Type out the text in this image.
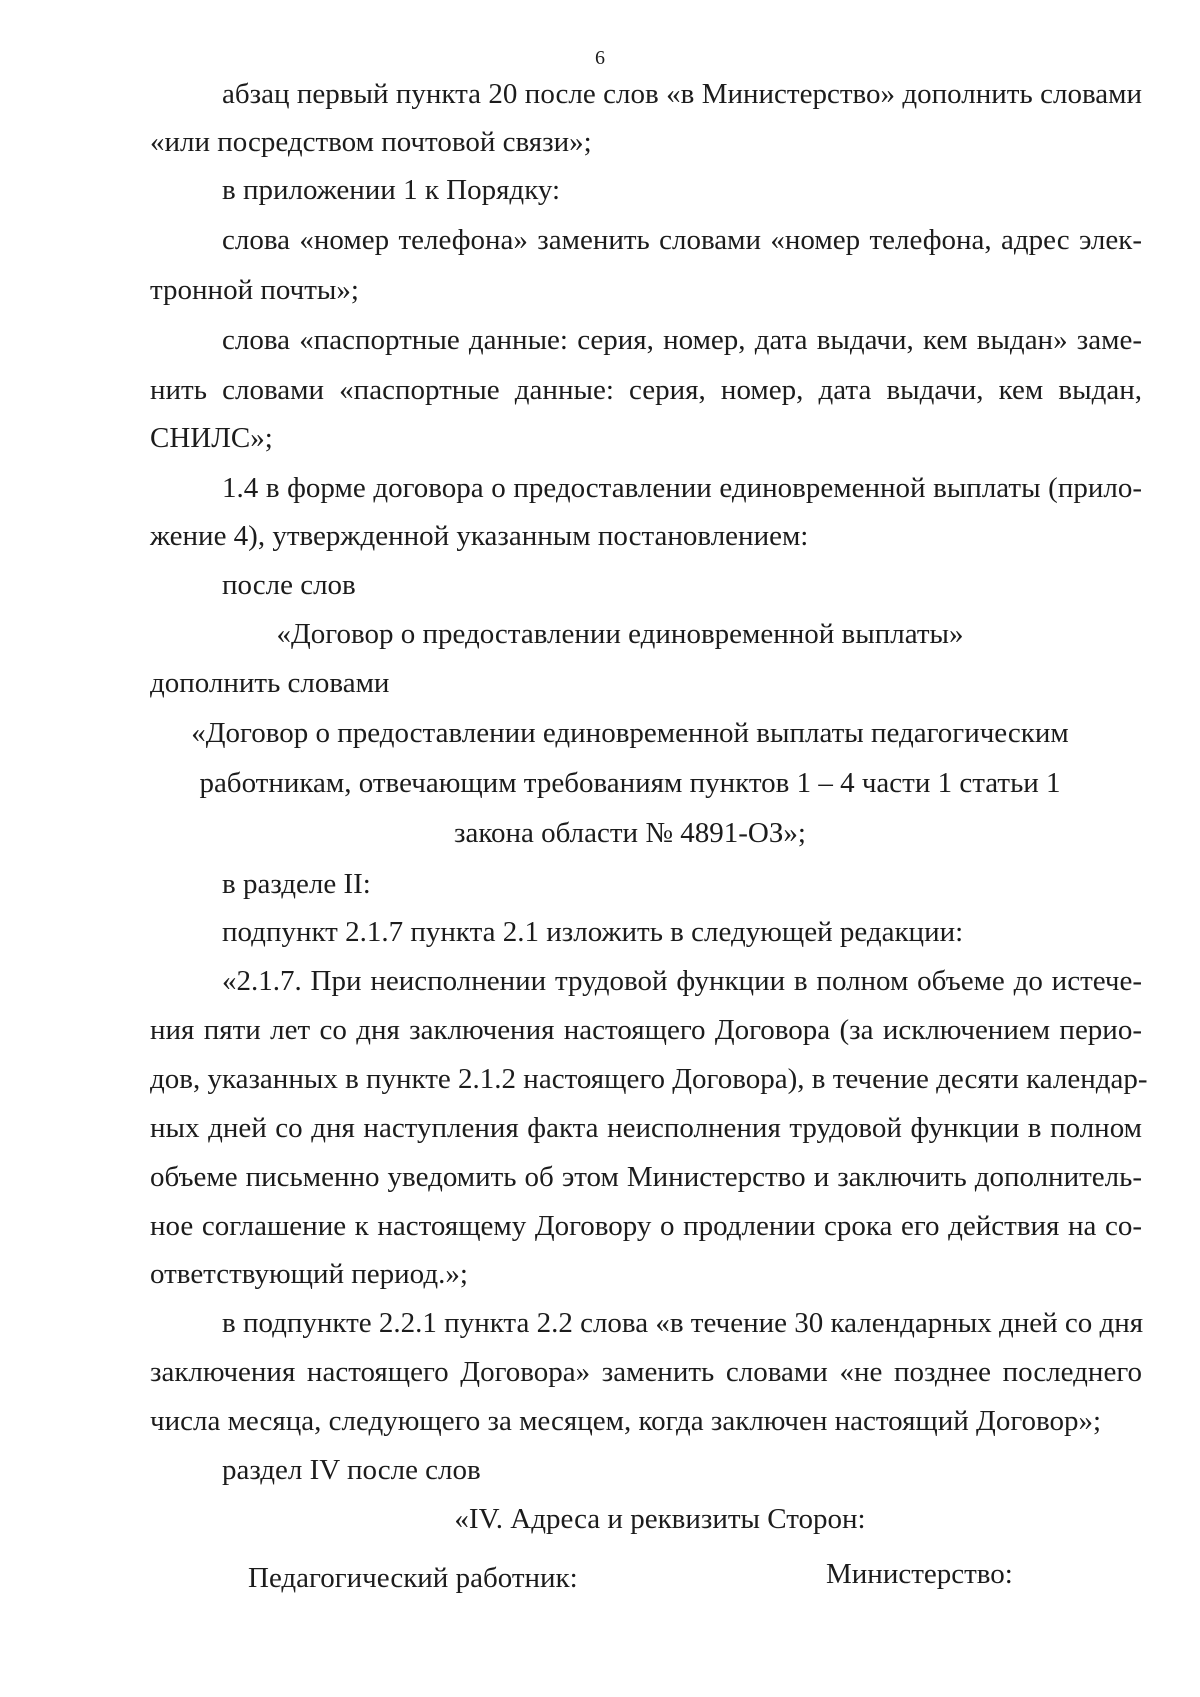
6
абзац первый пункта 20 после слов «в Министерство» дополнить словами
«или посредством почтовой связи»;
в приложении 1 к Порядку:
слова «номер телефона» заменить словами «номер телефона, адрес элек-
тронной почты»;
слова «паспортные данные: серия, номер, дата выдачи, кем выдан» заме-
нить словами «паспортные данные: серия, номер, дата выдачи, кем выдан,
СНИЛС»;
1.4 в форме договора о предоставлении единовременной выплаты (прило-
жение 4), утвержденной указанным постановлением:
после слов
«Договор о предоставлении единовременной выплаты»
дополнить словами
«Договор о предоставлении единовременной выплаты педагогическим
работникам, отвечающим требованиям пунктов 1 – 4 части 1 статьи 1
закона области № 4891-ОЗ»;
в разделе II:
подпункт 2.1.7 пункта 2.1 изложить в следующей редакции:
«2.1.7. При неисполнении трудовой функции в полном объеме до истече-
ния пяти лет со дня заключения настоящего Договора (за исключением перио-
дов, указанных в пункте 2.1.2 настоящего Договора), в течение десяти календар-
ных дней со дня наступления факта неисполнения трудовой функции в полном
объеме письменно уведомить об этом Министерство и заключить дополнитель-
ное соглашение к настоящему Договору о продлении срока его действия на со-
ответствующий период.»;
в подпункте 2.2.1 пункта 2.2 слова «в течение 30 календарных дней со дня
заключения настоящего Договора» заменить словами «не позднее последнего
числа месяца, следующего за месяцем, когда заключен настоящий Договор»;
раздел IV после слов
«IV. Адреса и реквизиты Сторон:
Педагогический работник:	Министерство:
